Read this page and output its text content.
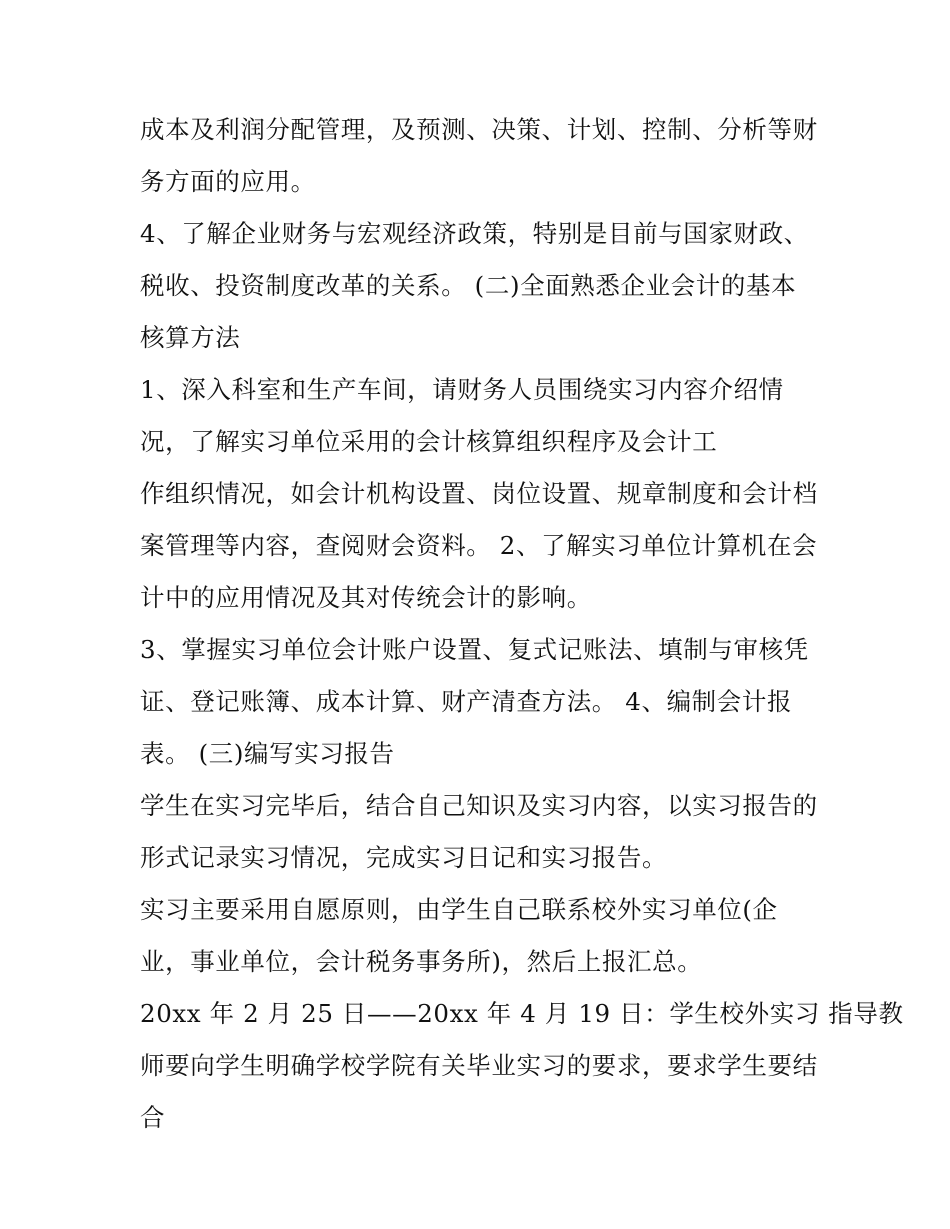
成本及利润分配管理，及预测、决策、计划、控制、分析等财
务方面的应用。
4、了解企业财务与宏观经济政策，特别是目前与国家财政、
税收、投资制度改革的关系。 (二)全面熟悉企业会计的基本
核算方法
1、深入科室和生产车间，请财务人员围绕实习内容介绍情
况，了解实习单位采用的会计核算组织程序及会计工
作组织情况，如会计机构设置、岗位设置、规章制度和会计档
案管理等内容，查阅财会资料。 2、了解实习单位计算机在会
计中的应用情况及其对传统会计的影响。
3、掌握实习单位会计账户设置、复式记账法、填制与审核凭
证、登记账簿、成本计算、财产清查方法。 4、编制会计报
表。 (三)编写实习报告
学生在实习完毕后，结合自己知识及实习内容，以实习报告的
形式记录实习情况，完成实习日记和实习报告。
实习主要采用自愿原则，由学生自己联系校外实习单位(企
业，事业单位，会计税务事务所)，然后上报汇总。
20xx 年 2 月 25 日——20xx 年 4 月 19 日：学生校外实习 指导教
师要向学生明确学校学院有关毕业实习的要求，要求学生要结
合
